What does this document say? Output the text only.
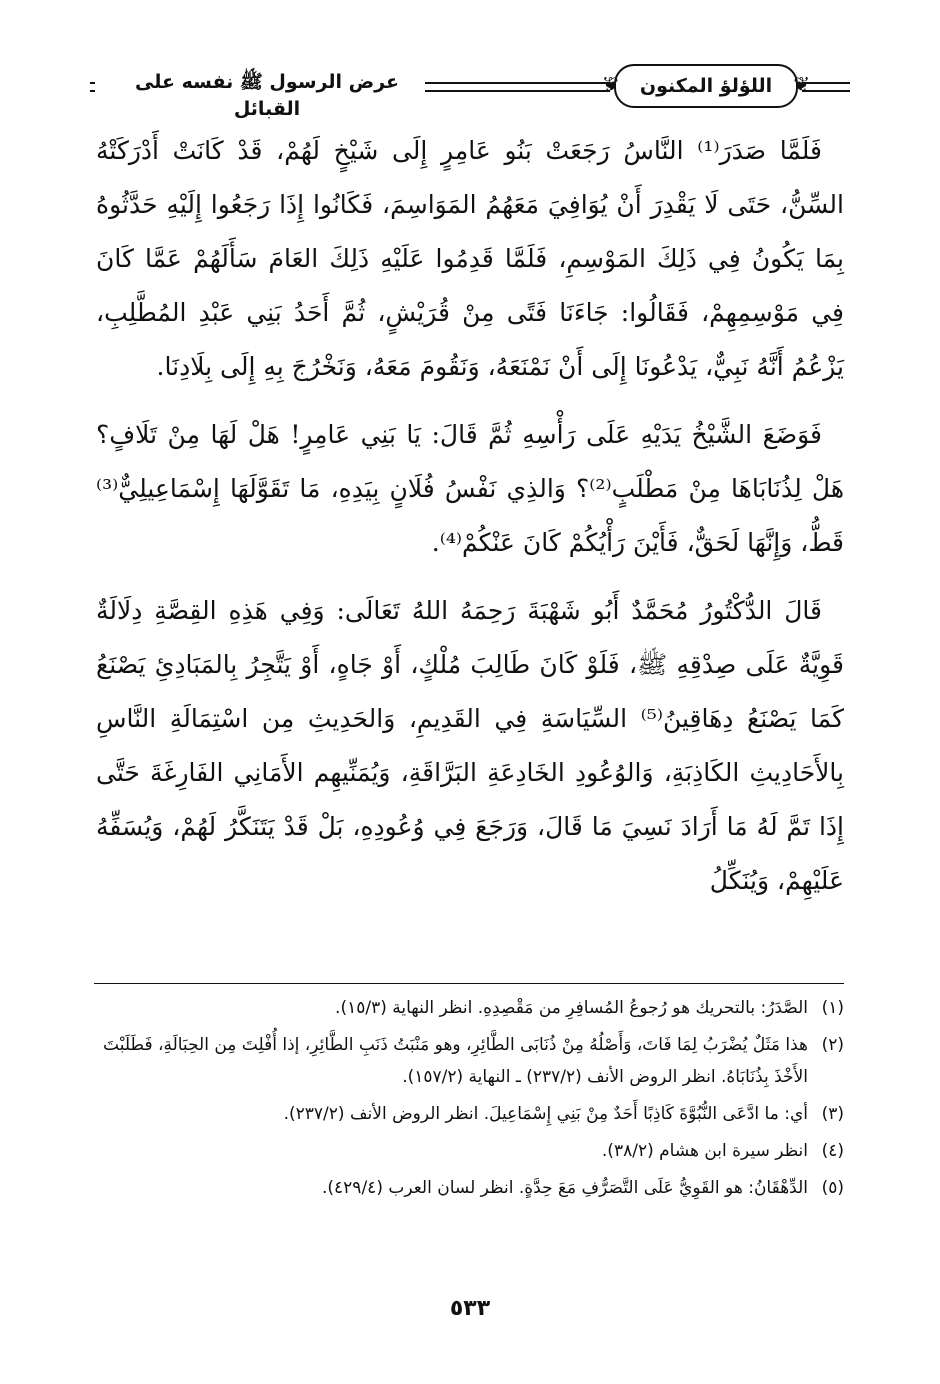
❦ اللؤلؤ المكنون ❦
عرض الرسول ﷺ نفسه على القبائل

فَلَمَّا صَدَرَ⁽¹⁾ النَّاسُ رَجَعَتْ بَنُو عَامِرٍ إِلَى شَيْخٍ لَهُمْ، قَدْ كَانَتْ أَدْرَكَتْهُ السِّنُّ، حَتَى لَا يَقْدِرَ أَنْ يُوَافِيَ مَعَهُمُ المَوَاسِمَ، فَكَانُوا إِذَا رَجَعُوا إِلَيْهِ حَدَّثُوهُ بِمَا يَكُونُ فِي ذَلِكَ المَوْسِمِ، فَلَمَّا قَدِمُوا عَلَيْهِ ذَلِكَ العَامَ سَأَلَهُمْ عَمَّا كَانَ فِي مَوْسِمِهِمْ، فَقَالُوا: جَاءَنَا فَتًى مِنْ قُرَيْشٍ، ثُمَّ أَحَدُ بَنِي عَبْدِ المُطَّلِبِ، يَزْعُمُ أَنَّهُ نَبِيٌّ، يَدْعُونَا إِلَى أَنْ نَمْنَعَهُ، وَنَقُومَ مَعَهُ، وَنَخْرُجَ بِهِ إِلَى بِلَادِنَا.

فَوَضَعَ الشَّيْخُ يَدَيْهِ عَلَى رَأْسِهِ ثُمَّ قَالَ: يَا بَنِي عَامِرٍ! هَلْ لَهَا مِنْ تَلَافٍ؟ هَلْ لِذُنَابَاهَا مِنْ مَطْلَبٍ⁽²⁾؟ وَالذِي نَفْسُ فُلَانٍ بِيَدِهِ، مَا تَقَوَّلَهَا إِسْمَاعِيلِيٌّ⁽³⁾ قَطُّ، وَإِنَّهَا لَحَقٌّ، فَأَيْنَ رَأْيُكُمْ كَانَ عَنْكُمْ⁽⁴⁾.

قَالَ الدُّكْتُورُ مُحَمَّدٌ أَبُو شَهْبَةَ رَحِمَهُ اللهُ تَعَالَى: وَفِي هَذِهِ القِصَّةِ دِلَالَةٌ قَوِيَّةٌ عَلَى صِدْقِهِ ﷺ، فَلَوْ كَانَ طَالِبَ مُلْكٍ، أَوْ جَاهٍ، أَوْ يَتَّجِرُ بِالمَبَادِئِ يَصْنَعُ كَمَا يَصْنَعُ دِهَاقِينُ⁽⁵⁾ السِّيَاسَةِ فِي القَدِيمِ، وَالحَدِيثِ مِن اسْتِمَالَةِ النَّاسِ بِالأَحَادِيثِ الكَاذِبَةِ، وَالوُعُودِ الخَادِعَةِ البَرَّاقَةِ، وَيُمَنِّيهِم الأَمَانِي الفَارِغَةَ حَتَّى إِذَا تَمَّ لَهُ مَا أَرَادَ نَسِيَ مَا قَالَ، وَرَجَعَ فِي وُعُودِهِ، بَلْ قَدْ يَتَنَكَّرُ لَهُمْ، وَيُسَفِّهُ عَلَيْهِمْ، وَيُنَكِّلُ

(١)
الصَّدَرُ: بالتحريك هو رُجوعُ المُسافِرِ من مَقْصِدِهِ. انظر النهاية (١٥/٣).
(٢)
هذا مَثَلٌ يُضْرَبُ لِمَا فَاتَ، وَأَصْلُهُ مِنْ ذُنَابَى الطَّائِرِ، وهو مَنْبَتُ ذَنَبِ الطَّائِرِ، إذا أُفْلِتَ مِن الحِبَالَةِ، فَطَلَبْتَ الأَخْذَ بِذُنَابَاهُ. انظر الروض الأنف (٢٣٧/٢) ـ النهاية (١٥٧/٢).
(٣)
أي: ما ادَّعَى النُّبُوَّةَ كَاذِبًا أَحَدٌ مِنْ بَنِي إِسْمَاعِيلَ. انظر الروض الأنف (٢٣٧/٢).
(٤)
انظر سيرة ابن هشام (٣٨/٢).
(٥)
الدِّهْقَانُ: هو القَوِيُّ عَلَى التَّصَرُّفِ مَعَ حِدَّةٍ. انظر لسان العرب (٤٢٩/٤).
٥٣٣
